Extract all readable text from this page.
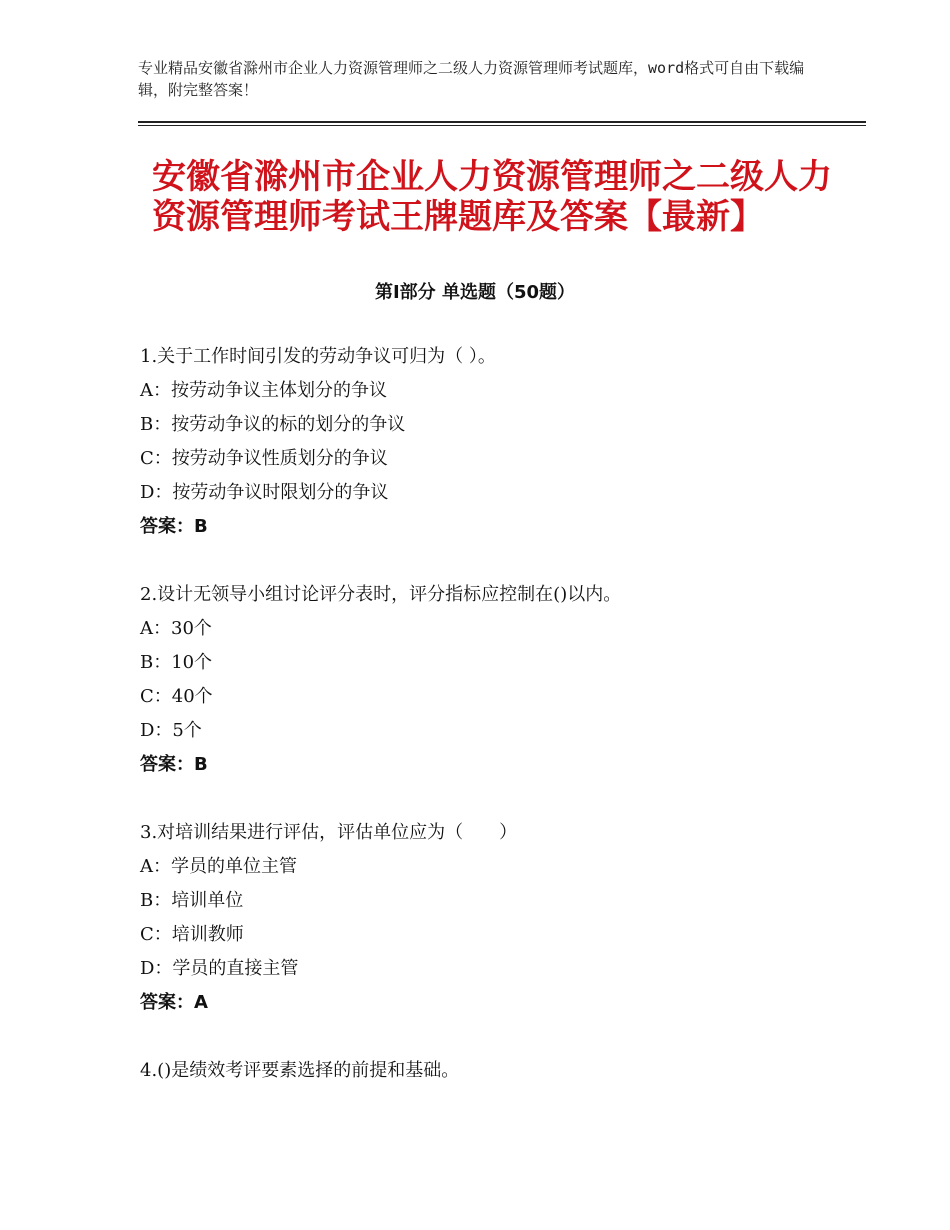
专业精品安徽省滁州市企业人力资源管理师之二级人力资源管理师考试题库，word格式可自由下载编辑，附完整答案！
安徽省滁州市企业人力资源管理师之二级人力资源管理师考试王牌题库及答案【最新】
第Ⅰ部分 单选题（50题）
1.关于工作时间引发的劳动争议可归为（ ）。
A：按劳动争议主体划分的争议
B：按劳动争议的标的划分的争议
C：按劳动争议性质划分的争议
D：按劳动争议时限划分的争议
答案：B
2.设计无领导小组讨论评分表时，评分指标应控制在()以内。
A：30个
B：10个
C：40个
D：5个
答案：B
3.对培训结果进行评估，评估单位应为（　　）
A：学员的单位主管
B：培训单位
C：培训教师
D：学员的直接主管
答案：A
4.()是绩效考评要素选择的前提和基础。
